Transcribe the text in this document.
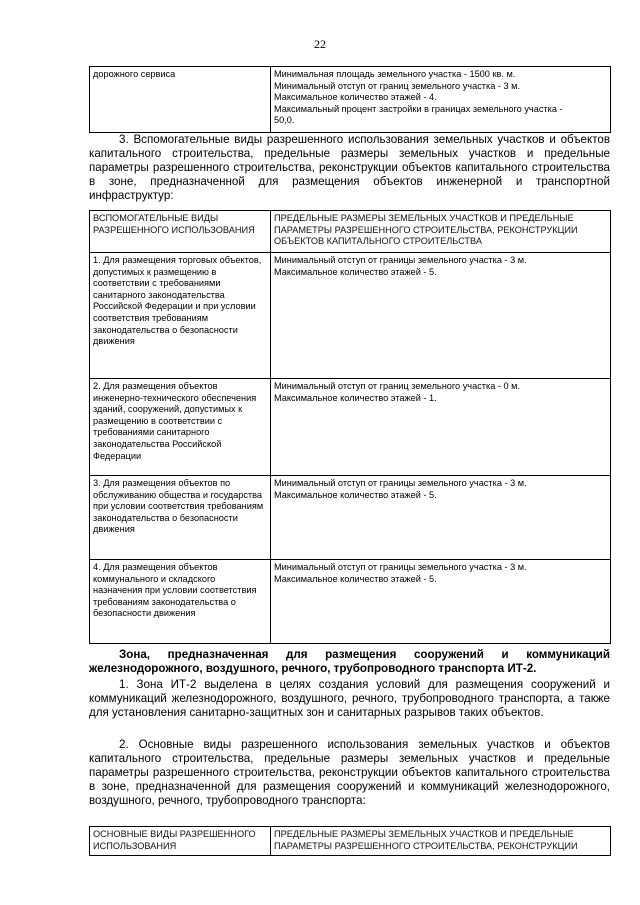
22
дорожного сервиса	Минимальная площадь земельного участка - 1500 кв. м.
Минимальный отступ от границ земельного участка - 3 м.
Максимальное количество этажей - 4.
Максимальный процент застройки в границах земельного участка -
50,0.
3. Вспомогательные виды разрешенного использования земельных участков и объектов капитального строительства, предельные размеры земельных участков и предельные параметры разрешенного строительства, реконструкции объектов капитального строительства в зоне, предназначенной для размещения объектов инженерной и транспортной инфраструктур:
ВСПОМОГАТЕЛЬНЫЕ ВИДЫ РАЗРЕШЕННОГО ИСПОЛЬЗОВАНИЯ	ПРЕДЕЛЬНЫЕ РАЗМЕРЫ ЗЕМЕЛЬНЫХ УЧАСТКОВ И ПРЕДЕЛЬНЫЕ ПАРАМЕТРЫ РАЗРЕШЕННОГО СТРОИТЕЛЬСТВА, РЕКОНСТРУКЦИИ ОБЪЕКТОВ КАПИТАЛЬНОГО СТРОИТЕЛЬСТВА
1. Для размещения торговых объектов, допустимых к размещению в соответствии с требованиями санитарного законодательства Российской Федерации и при условии соответствия требованиям законодательства о безопасности движения	Минимальный отступ от границы земельного участка - 3 м.
Максимальное количество этажей - 5.

2. Для размещения объектов инженерно-технического обеспечения зданий, сооружений, допустимых к размещению в соответствии с требованиями санитарного законодательства Российской Федерации	Минимальный отступ от границ земельного участка - 0 м.
Максимальное количество этажей - 1.

3. Для размещения объектов по обслуживанию общества и государства при условии соответствия требованиям законодательства о безопасности движения	Минимальный отступ от границы земельного участка - 3 м.
Максимальное количество этажей - 5.

4. Для размещения объектов коммунального и складского назначения при условии соответствия требованиям законодательства о безопасности движения	Минимальный отступ от границы земельного участка - 3 м.
Максимальное количество этажей - 5.
Зона, предназначенная для размещения сооружений и коммуникаций железнодорожного, воздушного, речного, трубопроводного транспорта ИТ-2.
1. Зона ИТ-2 выделена в целях создания условий для размещения сооружений и коммуникаций железнодорожного, воздушного, речного, трубопроводного транспорта, а также для установления санитарно-защитных зон и санитарных разрывов таких объектов.
2. Основные виды разрешенного использования земельных участков и объектов капитального строительства, предельные размеры земельных участков и предельные параметры разрешенного строительства, реконструкции объектов капитального строительства в зоне, предназначенной для размещения сооружений и коммуникаций железнодорожного, воздушного, речного, трубопроводного транспорта:
ОСНОВНЫЕ ВИДЫ РАЗРЕШЕННОГО ИСПОЛЬЗОВАНИЯ	ПРЕДЕЛЬНЫЕ РАЗМЕРЫ ЗЕМЕЛЬНЫХ УЧАСТКОВ И ПРЕДЕЛЬНЫЕ ПАРАМЕТРЫ РАЗРЕШЕННОГО СТРОИТЕЛЬСТВА, РЕКОНСТРУКЦИИ
